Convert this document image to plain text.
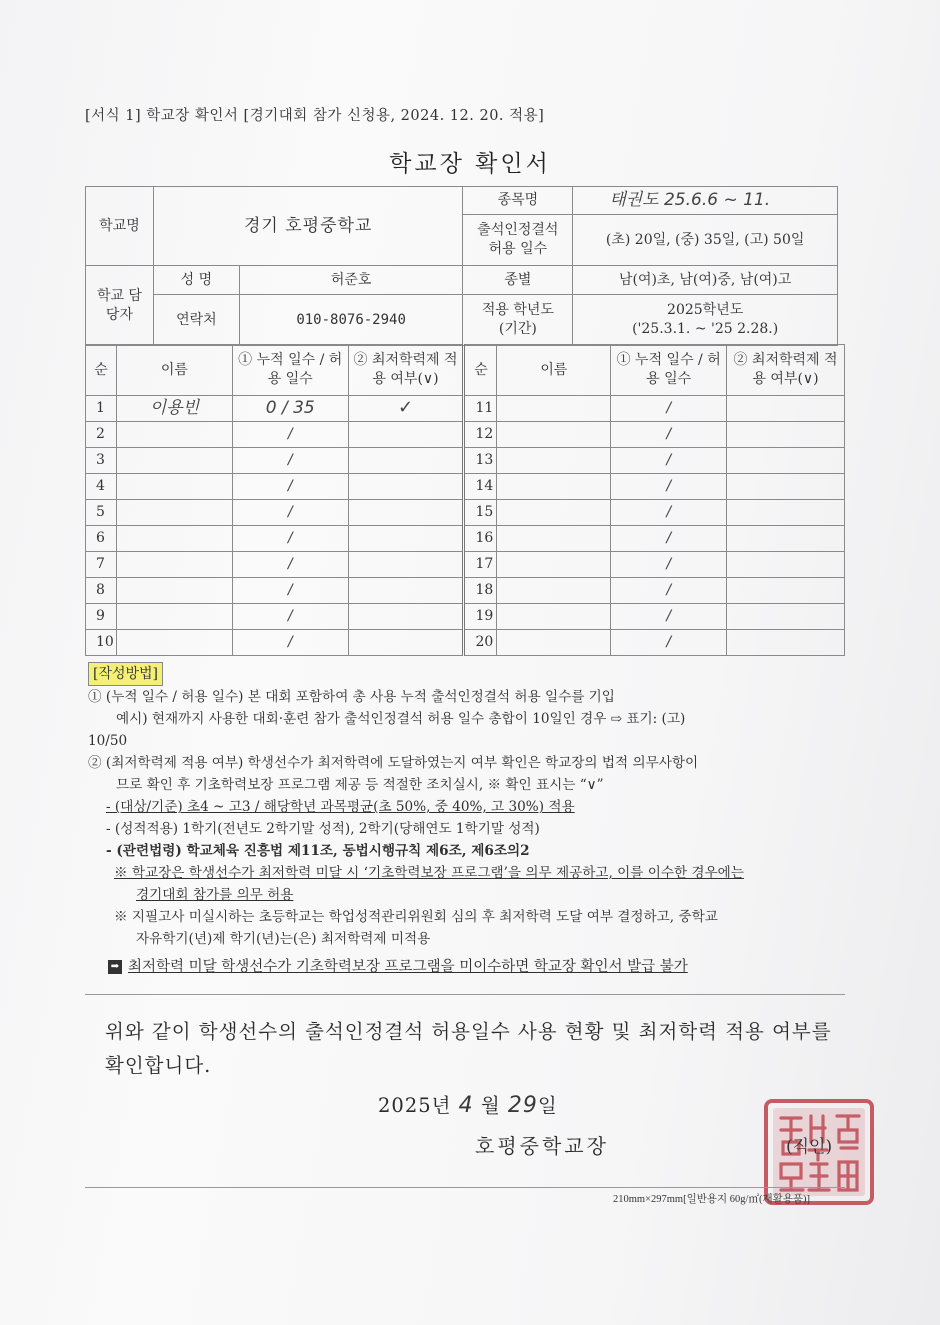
[서식 1] 학교장 확인서 [경기대회 참가 신청용, 2024. 12. 20. 적용]
학교장 확인서
학교명	경기 호평중학교		종목명	태권도 25.6.6 ~ 11.
			출석인정결석 허용 일수	(초) 20일, (중) 35일, (고) 50일
학교 담당자	성 명	허준호	종별	남(여)초, 남(여)중, 남(여)고
	연락처	010-8076-2940	적용 학년도 (기간)	2025학년도
('25.3.1. ~ '25 2.28.)
순	이름	① 누적 일수 / 허용 일수	② 최저학력제 적용 여부(∨)	순	이름	① 누적 일수 / 허용 일수	② 최저학력제 적용 여부(∨)
1	이용빈	0 / 35	✓	11		/	
2		/		12		/	
3		/		13		/	
4		/		14		/	
5		/		15		/	
6		/		16		/	
7		/		17		/	
8		/		18		/	
9		/		19		/	
10		/		20		/	
[작성방법]
① (누적 일수 / 허용 일수) 본 대회 포함하여 총 사용 누적 출석인정결석 허용 일수를 기입
예시) 현재까지 사용한 대회·훈련 참가 출석인정결석 허용 일수 총합이 10일인 경우 ⇨ 표기: (고)
10/50
② (최저학력제 적용 여부) 학생선수가 최저학력에 도달하였는지 여부 확인은 학교장의 법적 의무사항이
므로 확인 후 기초학력보장 프로그램 제공 등 적절한 조치실시, ※ 확인 표시는 “∨”
- (대상/기준) 초4 ~ 고3 / 해당학년 과목평균(초 50%, 중 40%, 고 30%) 적용
- (성적적용) 1학기(전년도 2학기말 성적), 2학기(당해연도 1학기말 성적)
- (관련법령) 학교체육 진흥법 제11조, 동법시행규칙 제6조, 제6조의2
※ 학교장은 학생선수가 최저학력 미달 시 ‘기초학력보장 프로그램’을 의무 제공하고, 이를 이수한 경우에는
경기대회 참가를 의무 허용
※ 지필고사 미실시하는 초등학교는 학업성적관리위원회 심의 후 최저학력 도달 여부 결정하고, 중학교
자유학기(년)제 학기(년)는(은) 최저학력제 미적용
➡ 최저학력 미달 학생선수가 기초학력보장 프로그램을 미이수하면 학교장 확인서 발급 불가
위와 같이 학생선수의 출석인정결석 허용일수 사용 현황 및 최저학력 적용 여부를 확인합니다.
2025년 4 월 29일
호평중학교장	(직인)
210mm×297mm[일반용지 60g/㎡(재활용품)]
